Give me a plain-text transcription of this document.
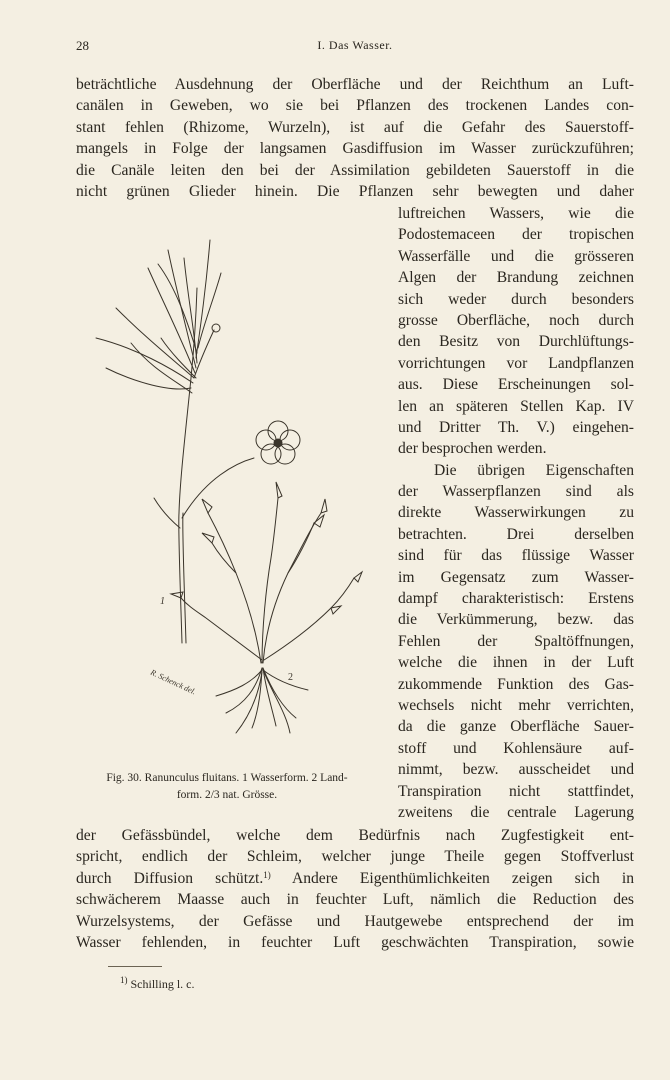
28	I. Das Wasser.
beträchtliche Ausdehnung der Oberfläche und der Reichthum an Luft-
canälen in Geweben, wo sie bei Pflanzen des trockenen Landes con-
stant fehlen (Rhizome, Wurzeln), ist auf die Gefahr des Sauerstoff-
mangels in Folge der langsamen Gasdiffusion im Wasser zurückzuführen;
die Canäle leiten den bei der Assimilation gebildeten Sauerstoff in die
nicht grünen Glieder hinein. Die Pflanzen sehr bewegten und daher
1
2
R. Schenck del.
luftreichen Wassers, wie die
Podostemaceen der tropischen
Wasserfälle und die grösseren
Algen der Brandung zeichnen
sich weder durch besonders
grosse Oberfläche, noch durch
den Besitz von Durchlüftungs-
vorrichtungen vor Landpflanzen
aus. Diese Erscheinungen sol-
len an späteren Stellen Kap. IV
und Dritter Th. V.) eingehen-
der besprochen werden.
Die übrigen Eigenschaften
der Wasserpflanzen sind als
direkte Wasserwirkungen zu
betrachten. Drei derselben
sind für das flüssige Wasser
im Gegensatz zum Wasser-
dampf charakteristisch: Erstens
die Verkümmerung, bezw. das
Fehlen der Spaltöffnungen,
welche die ihnen in der Luft
zukommende Funktion des Gas-
wechsels nicht mehr verrichten,
da die ganze Oberfläche Sauer-
stoff und Kohlensäure auf-
nimmt, bezw. ausscheidet und
Transpiration nicht stattfindet,
zweitens die centrale Lagerung
Fig. 30. Ranunculus fluitans. 1 Wasserform. 2 Land-
form. 2/3 nat. Grösse.
der Gefässbündel, welche dem Bedürfnis nach Zugfestigkeit ent-
spricht, endlich der Schleim, welcher junge Theile gegen Stoffverlust
durch Diffusion schützt.$^{1)}$ Andere Eigenthümlichkeiten zeigen sich in
schwächerem Maasse auch in feuchter Luft, nämlich die Reduction des
Wurzelsystems, der Gefässe und Hautgewebe entsprechend der im
Wasser fehlenden, in feuchter Luft geschwächten Transpiration, sowie
$^{1)}$ Schilling l. c.
